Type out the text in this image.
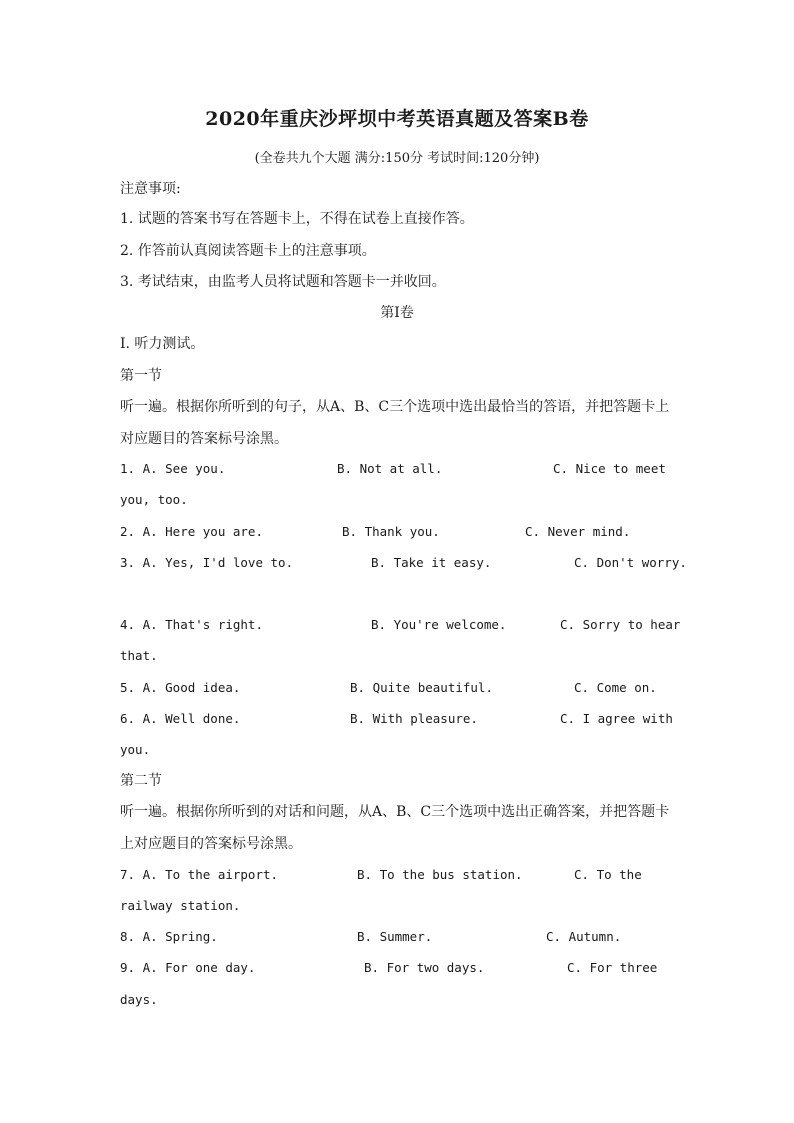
2020年重庆沙坪坝中考英语真题及答案B卷
(全卷共九个大题 满分:150分 考试时间:120分钟)
注意事项:
1. 试题的答案书写在答题卡上，不得在试卷上直接作答。
2. 作答前认真阅读答题卡上的注意事项。
3. 考试结束，由监考人员将试题和答题卡一并收回。
第Ⅰ卷
I. 听力测试。
第一节
听一遍。根据你所听到的句子，从A、B、C三个选项中选出最恰当的答语，并把答题卡上
对应题目的答案标号涂黑。
1. A. See you.	B. Not at all.	C. Nice to meet
you, too.
2. A. Here you are.	B. Thank you.	C. Never mind.
3. A. Yes, I'd love to.	B. Take it easy.	C. Don't worry.
4. A. That's right.	B. You're welcome.	C. Sorry to hear
that.
5. A. Good idea.	B. Quite beautiful.	C. Come on.
6. A. Well done.	B. With pleasure.	C. I agree with
you.
第二节
听一遍。根据你所听到的对话和问题，从A、B、C三个选项中选出正确答案，并把答题卡
上对应题目的答案标号涂黑。
7. A. To the airport.	B. To the bus station.	C. To the
railway station.
8. A. Spring.	B. Summer.	C. Autumn.
9. A. For one day.	B. For two days.	C. For three
days.
